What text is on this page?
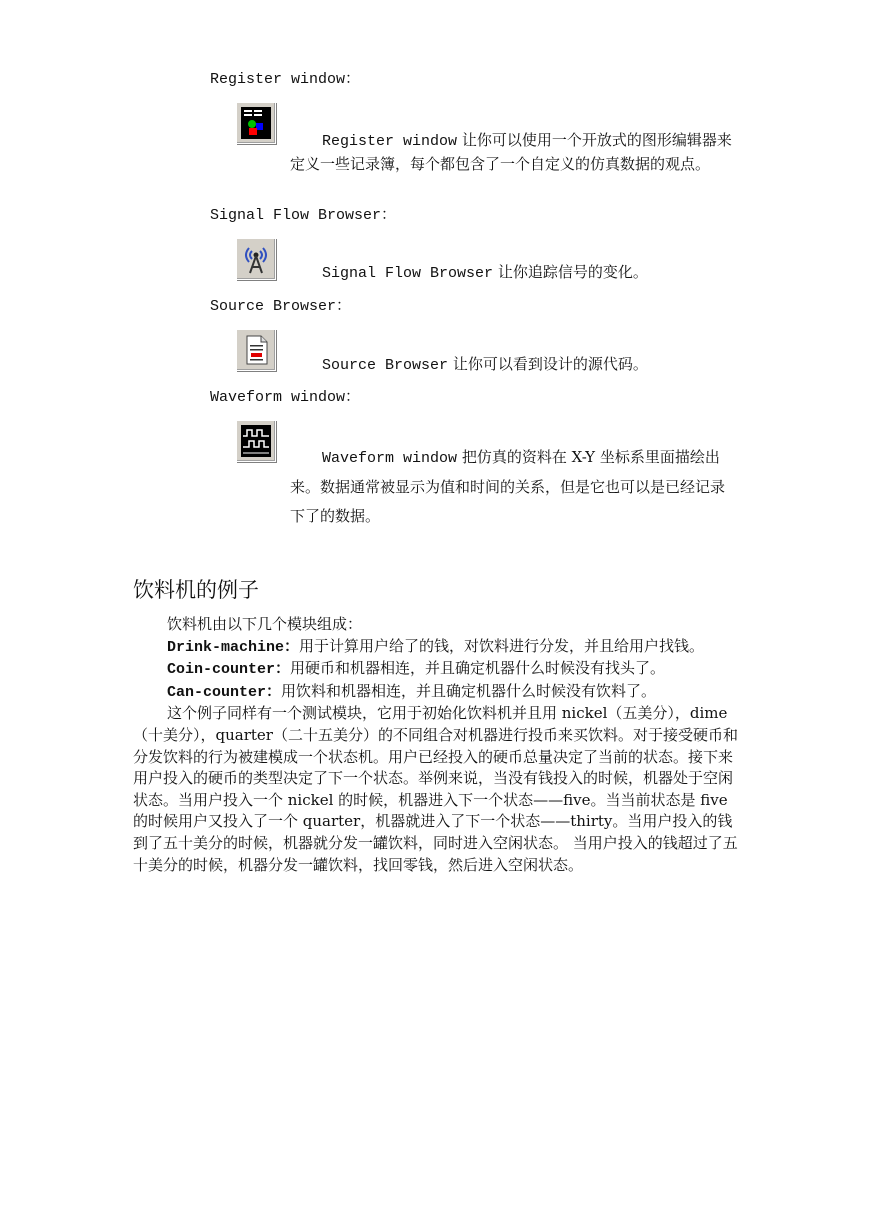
Register window：
Register window 让你可以使用一个开放式的图形编辑器来定义一些记录簿，每个都包含了一个自定义的仿真数据的观点。
Signal Flow Browser：
Signal Flow Browser 让你追踪信号的变化。
Source Browser：
Source Browser 让你可以看到设计的源代码。
Waveform window：
Waveform window 把仿真的资料在 X-Y 坐标系里面描绘出来。数据通常被显示为值和时间的关系，但是它也可以是已经记录下了的数据。
饮料机的例子

饮料机由以下几个模块组成：

Drink-machine：用于计算用户给了的钱，对饮料进行分发，并且给用户找钱。

Coin-counter：用硬币和机器相连，并且确定机器什么时候没有找头了。

Can-counter：用饮料和机器相连，并且确定机器什么时候没有饮料了。

这个例子同样有一个测试模块，它用于初始化饮料机并且用 nickel（五美分），dime（十美分），quarter（二十五美分）的不同组合对机器进行投币来买饮料。对于接受硬币和分发饮料的行为被建模成一个状态机。用户已经投入的硬币总量决定了当前的状态。接下来用户投入的硬币的类型决定了下一个状态。举例来说，当没有钱投入的时候，机器处于空闲状态。当用户投入一个 nickel 的时候，机器进入下一个状态——five。当当前状态是 five 的时候用户又投入了一个 quarter，机器就进入了下一个状态——thirty。当用户投入的钱到了五十美分的时候，机器就分发一罐饮料，同时进入空闲状态。 当用户投入的钱超过了五十美分的时候，机器分发一罐饮料，找回零钱，然后进入空闲状态。
